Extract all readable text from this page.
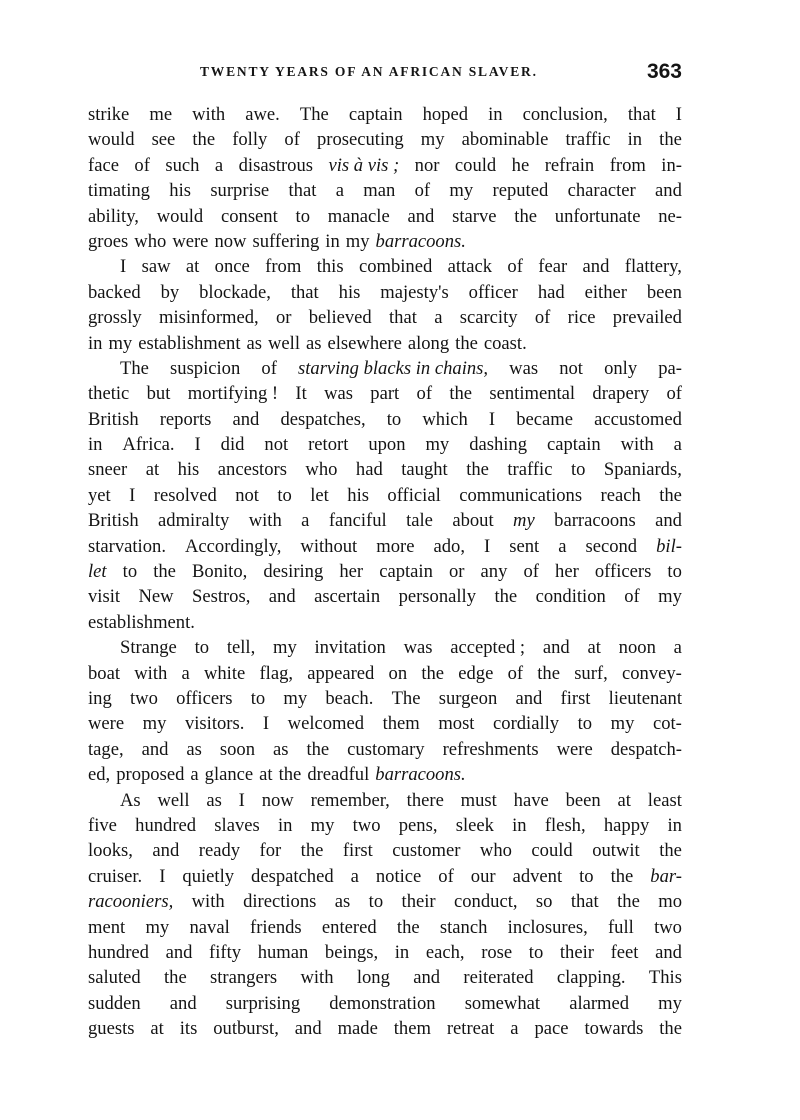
TWENTY YEARS OF AN AFRICAN SLAVER.	363
strike me with awe. The captain hoped in conclusion, that I
would see the folly of prosecuting my abominable traffic in the
face of such a disastrous vis à vis ; nor could he refrain from in-
timating his surprise that a man of my reputed character and
ability, would consent to manacle and starve the unfortunate ne-
groes who were now suffering in my barracoons.
I saw at once from this combined attack of fear and flattery,
backed by blockade, that his majesty's officer had either been
grossly misinformed, or believed that a scarcity of rice prevailed
in my establishment as well as elsewhere along the coast.
The suspicion of starving blacks in chains, was not only pa-
thetic but mortifying ! It was part of the sentimental drapery of
British reports and despatches, to which I became accustomed
in Africa. I did not retort upon my dashing captain with a
sneer at his ancestors who had taught the traffic to Spaniards,
yet I resolved not to let his official communications reach the
British admiralty with a fanciful tale about my barracoons and
starvation. Accordingly, without more ado, I sent a second bil-
let to the Bonito, desiring her captain or any of her officers to
visit New Sestros, and ascertain personally the condition of my
establishment.
Strange to tell, my invitation was accepted ; and at noon a
boat with a white flag, appeared on the edge of the surf, convey-
ing two officers to my beach. The surgeon and first lieutenant
were my visitors. I welcomed them most cordially to my cot-
tage, and as soon as the customary refreshments were despatch-
ed, proposed a glance at the dreadful barracoons.
As well as I now remember, there must have been at least
five hundred slaves in my two pens, sleek in flesh, happy in
looks, and ready for the first customer who could outwit the
cruiser. I quietly despatched a notice of our advent to the bar-
racooniers, with directions as to their conduct, so that the mo
ment my naval friends entered the stanch inclosures, full two
hundred and fifty human beings, in each, rose to their feet and
saluted the strangers with long and reiterated clapping. This
sudden and surprising demonstration somewhat alarmed my
guests at its outburst, and made them retreat a pace towards the
